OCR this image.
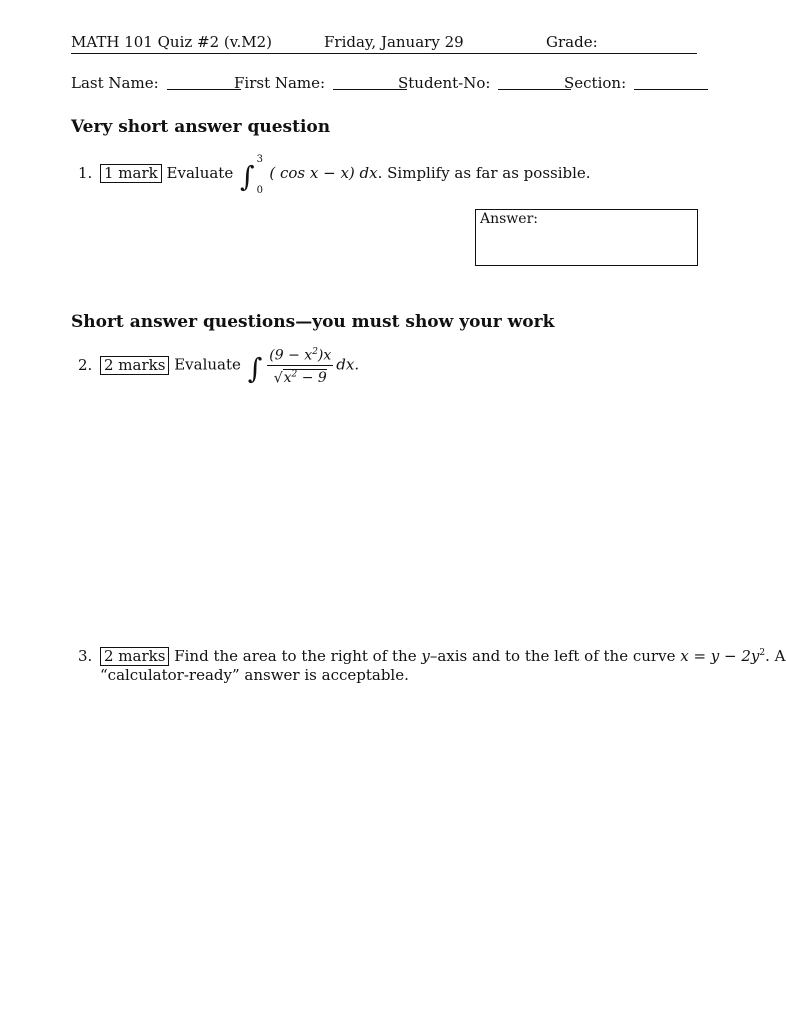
MATH 101 Quiz #2 (v.M2)	Friday, January 29	Grade:
Last Name:	First Name:	Student-No:	Section:
Very short answer question
1. 1 mark Evaluate ∫
3
0
( cos x − x) dx. Simplify as far as possible.
Answer:
Short answer questions—you must show your work
2. 2 marks Evaluate ∫ $\frac{(9 - x^2)x}{√x^2 - 9}$ dx.
3. 2 marks Find the area to the right of the y–axis and to the left of the curve $x = y - 2y^2$. A
“calculator-ready” answer is acceptable.
